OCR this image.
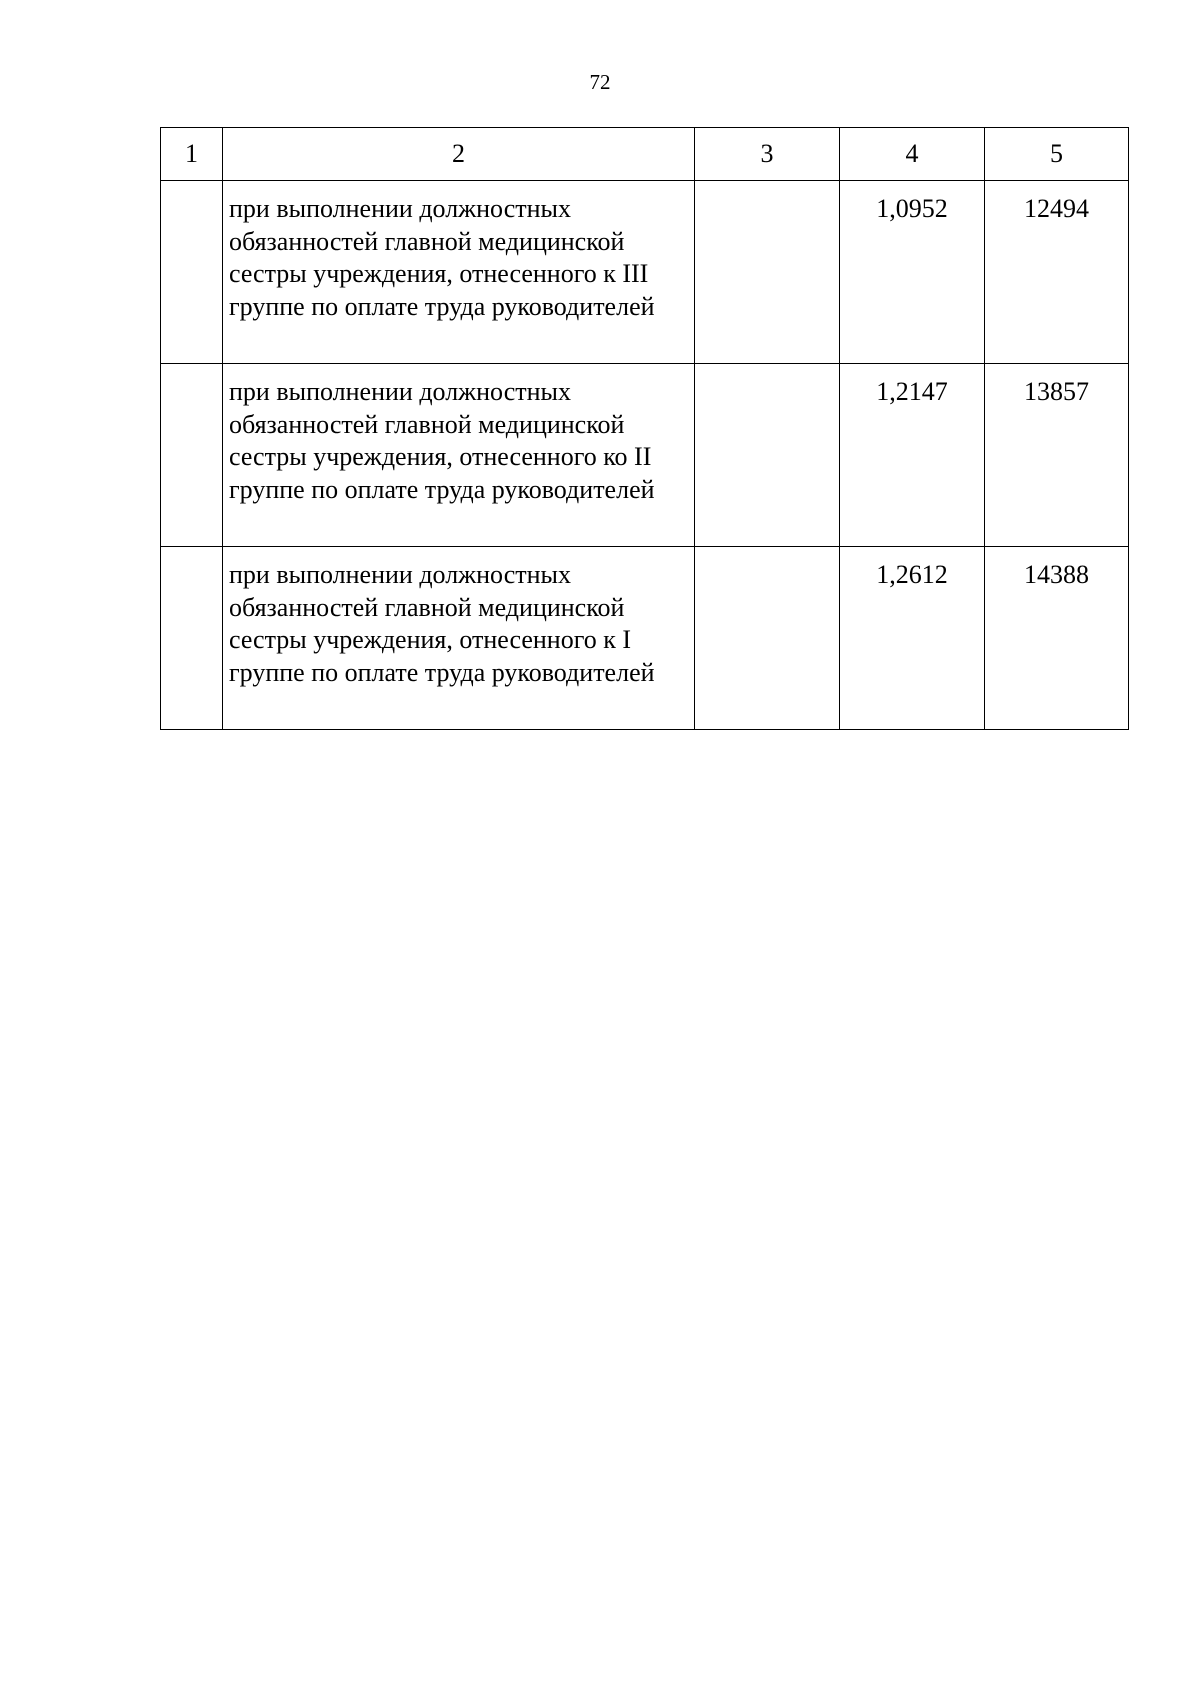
72
1	2	3	4	5
	при выполнении должностных обязанностей главной медицинской сестры учреждения, отнесенного к III группе по оплате труда руководителей		1,0952	12494
	при выполнении должностных обязанностей главной медицинской сестры учреждения, отнесенного ко II группе по оплате труда руководителей		1,2147	13857
	при выполнении должностных обязанностей главной медицинской сестры учреждения, отнесенного к I группе по оплате труда руководителей		1,2612	14388
